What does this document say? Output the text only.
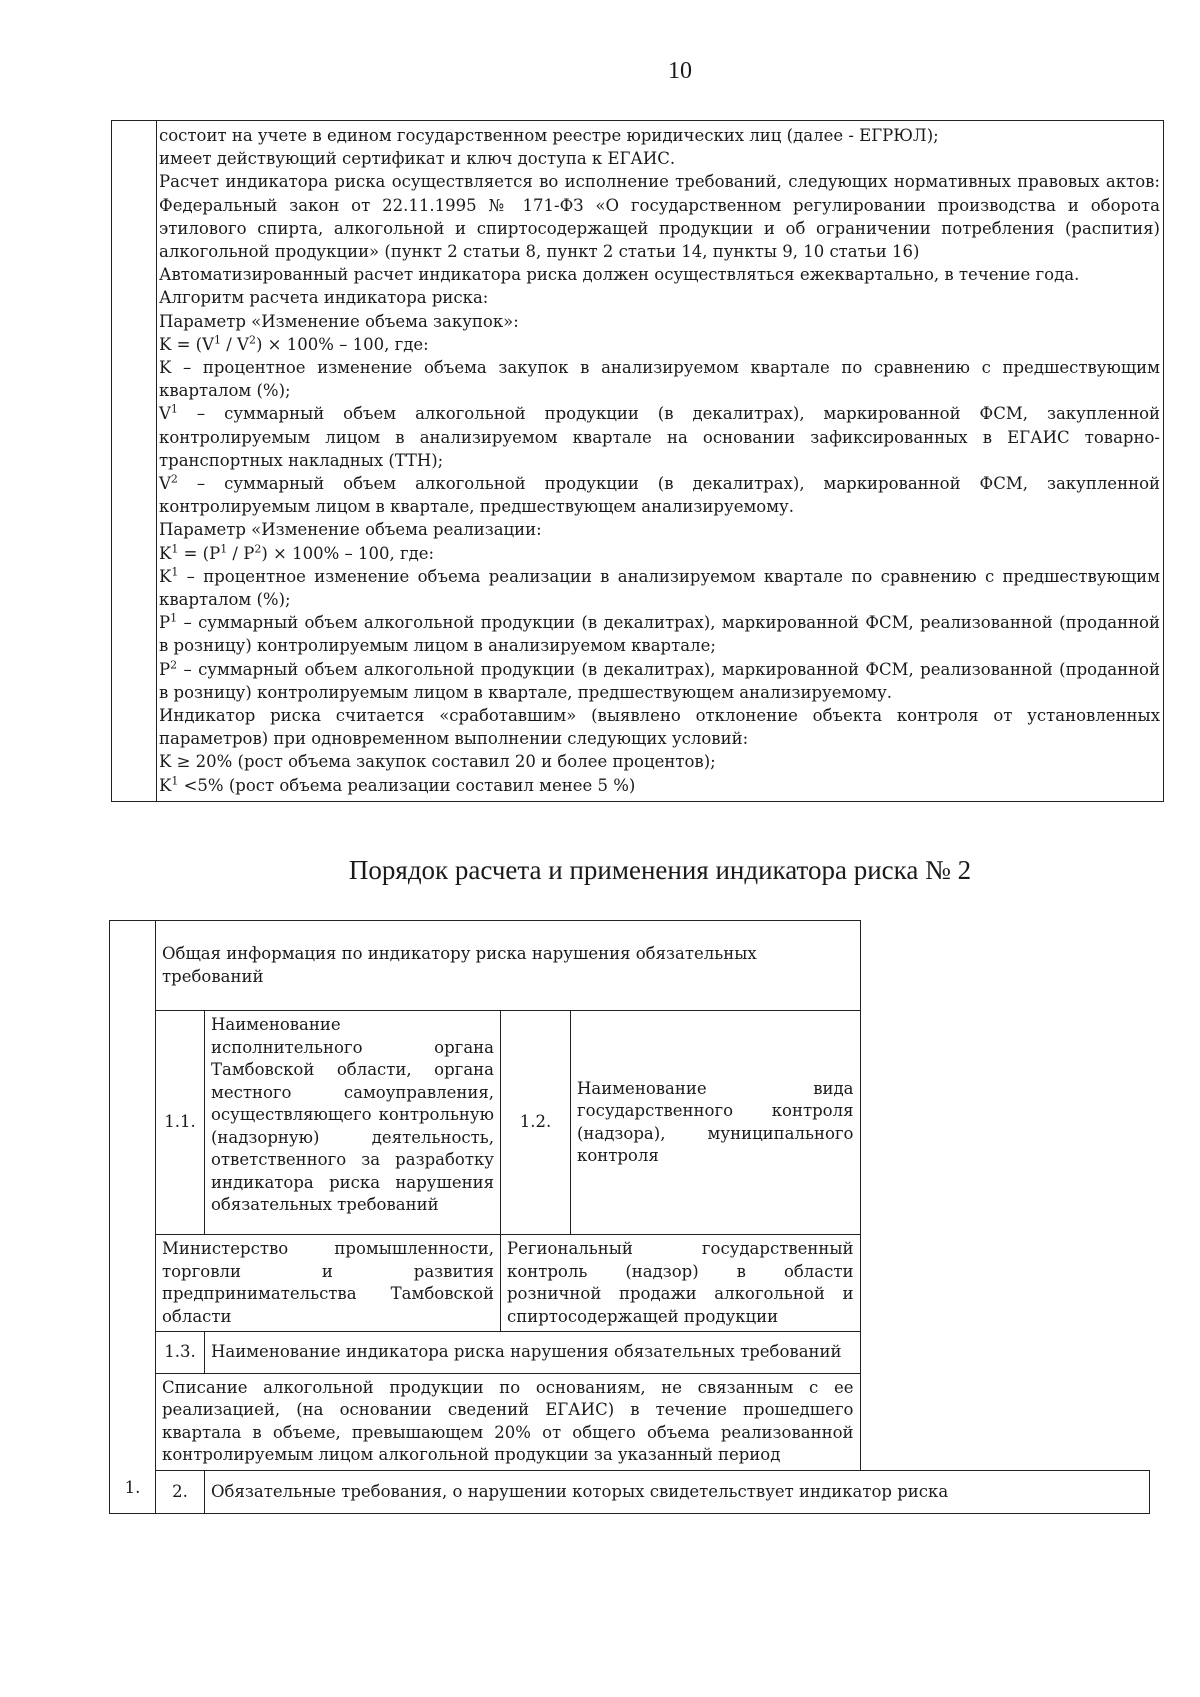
10

состоит на учете в едином государственном реестре юридических лиц (далее - ЕГРЮЛ);

имеет действующий сертификат и ключ доступа к ЕГАИС.

Расчет индикатора риска осуществляется во исполнение требований, следующих нормативных правовых актов: Федеральный закон от 22.11.1995 № 171-ФЗ «О государственном регулировании производства и оборота этилового спирта, алкогольной и спиртосодержащей продукции и об ограничении потребления (распития) алкогольной продукции» (пункт 2 статьи 8, пункт 2 статьи 14, пункты 9, 10 статьи 16)

Автоматизированный расчет индикатора риска должен осуществляться ежеквартально, в течение года.

Алгоритм расчета индикатора риска:

Параметр «Изменение объема закупок»:

$K = (V^1 / V^2) \times 100\% - 100$, где:

K – процентное изменение объема закупок в анализируемом квартале по сравнению с предшествующим кварталом (%);

$V^1$ – суммарный объем алкогольной продукции (в декалитрах), маркированной ФСМ, закупленной контролируемым лицом в анализируемом квартале на основании зафиксированных в ЕГАИС товарно-транспортных накладных (ТТН);

$V^2$ – суммарный объем алкогольной продукции (в декалитрах), маркированной ФСМ, закупленной контролируемым лицом в квартале, предшествующем анализируемому.

Параметр «Изменение объема реализации:

$K^1 = (P^1 / P^2) \times 100\% - 100$, где:

$K^1$ – процентное изменение объема реализации в анализируемом квартале по сравнению с предшествующим кварталом (%);

$P^1$ – суммарный объем алкогольной продукции (в декалитрах), маркированной ФСМ, реализованной (проданной в розницу) контролируемым лицом в анализируемом квартале;

$P^2$ – суммарный объем алкогольной продукции (в декалитрах), маркированной ФСМ, реализованной (проданной в розницу) контролируемым лицом в квартале, предшествующем анализируемому.

Индикатор риска считается «сработавшим» (выявлено отклонение объекта контроля от установленных параметров) при одновременном выполнении следующих условий:

K ≥ 20% (рост объема закупок составил 20 и более процентов);

$K^1 <5\%$ (рост объема реализации составил менее 5 %)

Порядок расчета и применения индикатора риска № 2
1.	Общая информация по индикатору риска нарушения обязательных требований			
	1.1.	Наименование исполнительного органа Тамбовской области, органа местного самоуправления, осуществляющего контрольную (надзорную) деятельность, ответственного за разработку индикатора риска нарушения обязательных требований	1.2.	Наименование вида государственного контроля (надзора), муниципального контроля
	Министерство промышленности, торговли и развития предпринимательства Тамбовской области		Региональный государственный контроль (надзор) в области розничной продажи алкогольной и спиртосодержащей продукции	
	1.3.	Наименование индикатора риска нарушения обязательных требований		
	Списание алкогольной продукции по основаниям, не связанным с ее реализацией, (на основании сведений ЕГАИС) в течение прошедшего квартала в объеме, превышающем 20% от общего объема реализованной контролируемым лицом алкогольной продукции за указанный период			
	2.	Обязательные требования, о нарушении которых свидетельствует индикатор риска		
